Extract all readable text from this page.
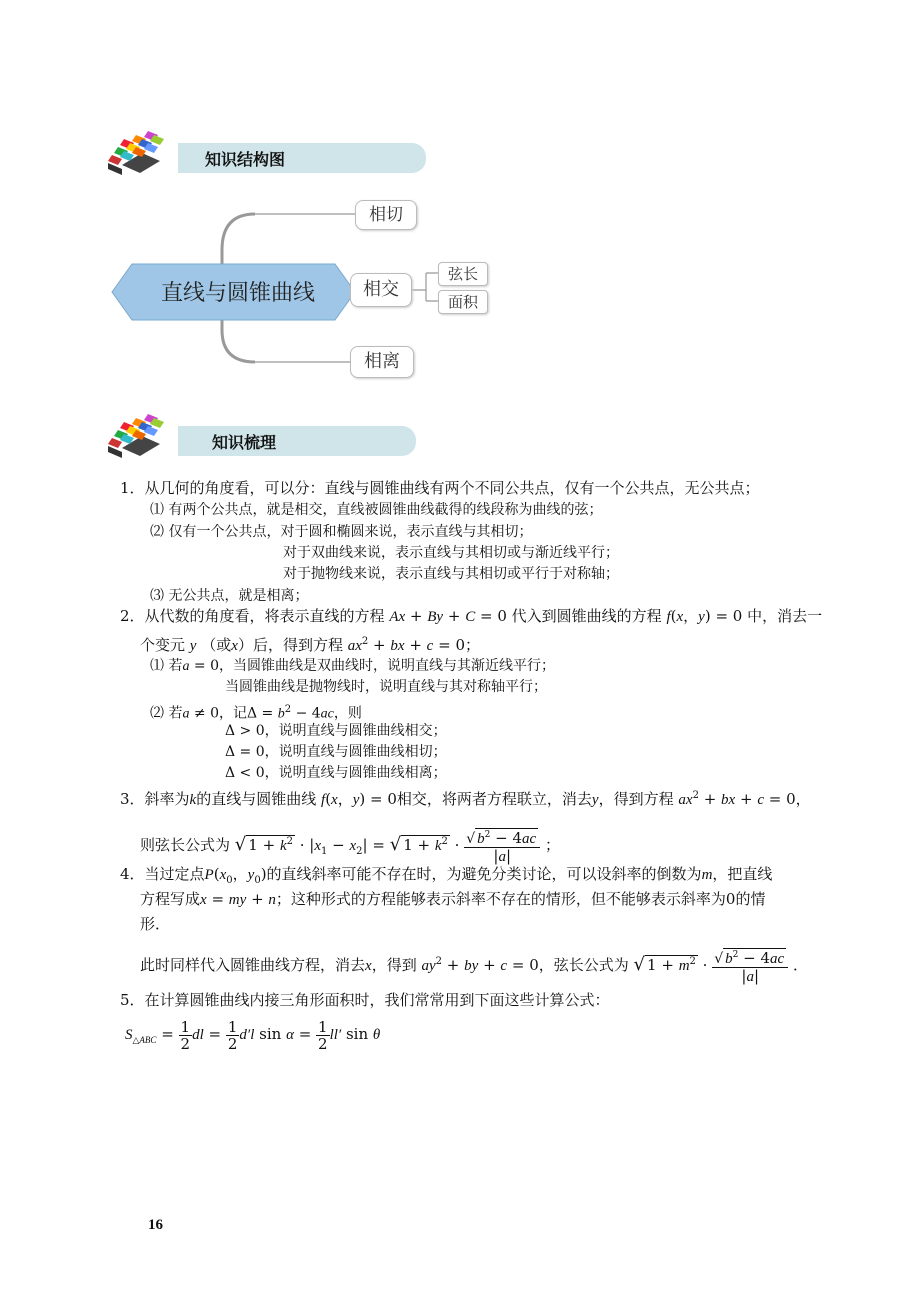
知识结构图
直线与圆锥曲线
相切
相交
相离
弦长
面积
知识梳理
1．从几何的角度看，可以分：直线与圆锥曲线有两个不同公共点，仅有一个公共点，无公共点；
⑴ 有两个公共点，就是相交，直线被圆锥曲线截得的线段称为曲线的弦；
⑵ 仅有一个公共点，对于圆和椭圆来说，表示直线与其相切；
对于双曲线来说，表示直线与其相切或与渐近线平行；
对于抛物线来说，表示直线与其相切或平行于对称轴；
⑶ 无公共点，就是相离；
2．从代数的角度看，将表示直线的方程 Ax + By + C = 0 代入到圆锥曲线的方程 f(x，y) = 0 中，消去一
个变元 y （或x）后，得到方程 $ax^2$ + bx + c = 0；
⑴ 若a = 0，当圆锥曲线是双曲线时，说明直线与其渐近线平行；
当圆锥曲线是抛物线时，说明直线与其对称轴平行；
⑵ 若a ≠ 0，记$\Delta = b^2 - 4ac$，则
Δ > 0，说明直线与圆锥曲线相交；
Δ = 0，说明直线与圆锥曲线相切；
Δ < 0，说明直线与圆锥曲线相离；
3．斜率为k的直线与圆锥曲线 f(x，y) = 0相交，将两者方程联立，消去y，得到方程 $ax^2$ + bx + c = 0，
则弦长公式为 √ $1 + k^2 \cdot |x_1 - x_2|$ = √ $1 + k^2 \cdot \frac{√ b^2 - 4ac}{|a|}$ ；
4．当过定点$P(x_0$，$y_0$)的直线斜率可能不存在时，为避免分类讨论，可以设斜率的倒数为m，把直线
方程写成x = my + n；这种形式的方程能够表示斜率不存在的情形，但不能够表示斜率为0的情
形．
此时同样代入圆锥曲线方程，消去x，得到 $ay^2$ + by + c = 0，弦长公式为 √ $1 + m^2 \cdot \frac{√ b^2 - 4ac}{|a|}$ ．
5．在计算圆锥曲线内接三角形面积时，我们常常用到下面这些计算公式：
$S_{\triangle ABC} = \frac{1}{2}$ dl = $\frac{1}{2} d'l$ $\sin \alpha = \frac{1}{2} ll'$ sin θ
16
